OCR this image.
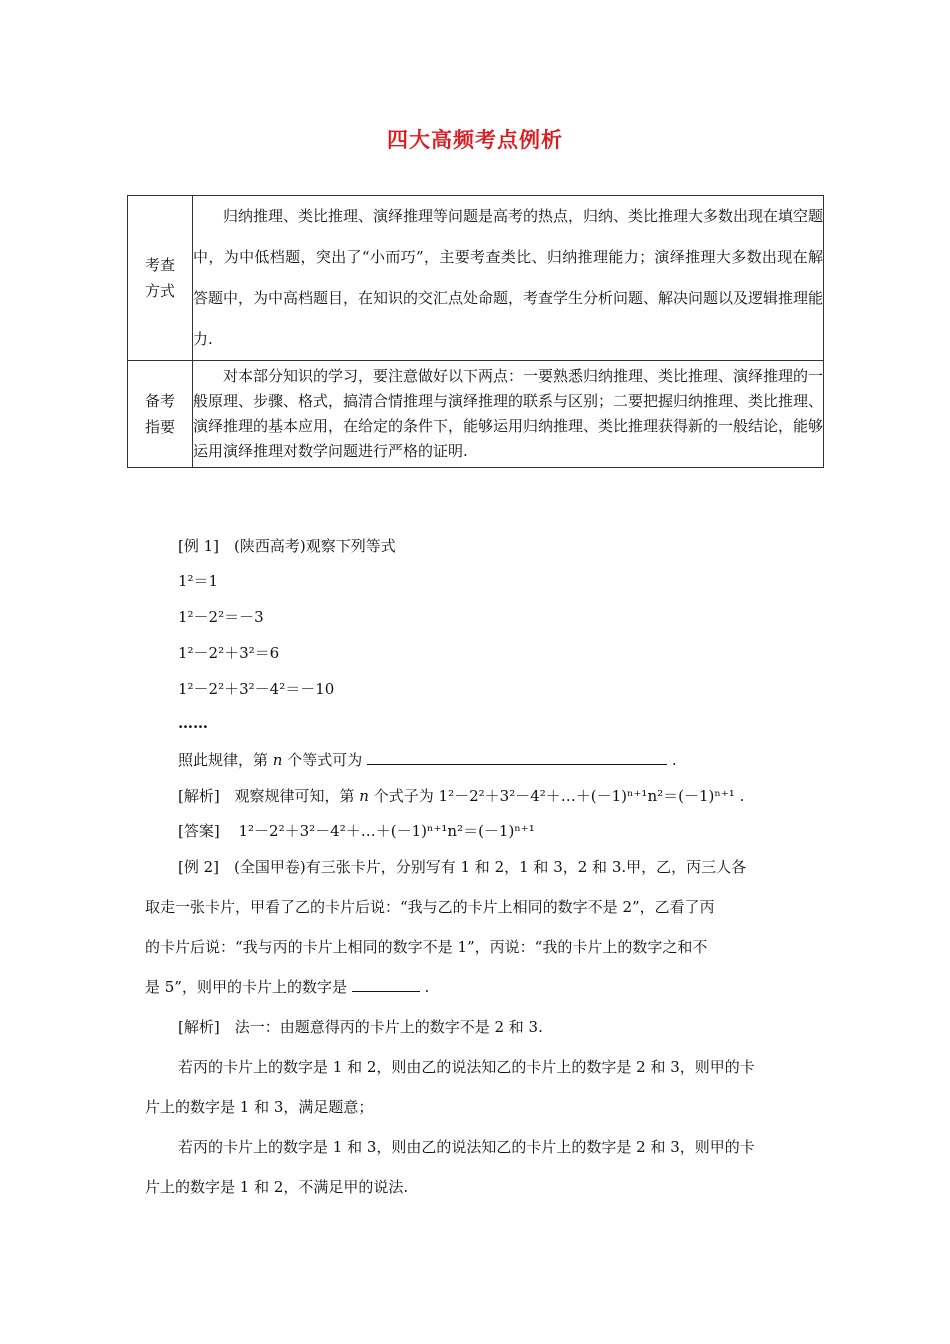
四大高频考点例析
考查
方式	归纳推理、类比推理、演绎推理等问题是高考的热点，归纳、类比推理大多数出现在填空题中，为中低档题，突出了“小而巧”，主要考查类比、归纳推理能力；演绎推理大多数出现在解答题中，为中高档题目，在知识的交汇点处命题，考查学生分析问题、解决问题以及逻辑推理能力.

备考
指要	对本部分知识的学习，要注意做好以下两点：一要熟悉归纳推理、类比推理、演绎推理的一般原理、步骤、格式，搞清合情推理与演绎推理的联系与区别；二要把握归纳推理、类比推理、演绎推理的基本应用，在给定的条件下，能够运用归纳推理、类比推理获得新的一般结论，能够运用演绎推理对数学问题进行严格的证明.
[例 1]　(陕西高考)观察下列等式
1²＝1
1²－2²＝－3
1²－2²＋3²＝6
1²－2²＋3²－4²＝－10
……
照此规律，第 n 个等式可为	.
[解析] 观察规律可知，第 n 个式子为 1²－2²＋3²－4²＋…＋(－1)ⁿ⁺¹n²＝(－1)ⁿ⁺¹ .
[答案] 1²－2²＋3²－4²＋…＋(－1)ⁿ⁺¹n²＝(－1)ⁿ⁺¹
[例 2]　(全国甲卷)有三张卡片，分别写有 1 和 2，1 和 3，2 和 3.甲，乙，丙三人各
取走一张卡片，甲看了乙的卡片后说：“我与乙的卡片上相同的数字不是 2”，乙看了丙
的卡片后说：“我与丙的卡片上相同的数字不是 1”，丙说：“我的卡片上的数字之和不
是 5”，则甲的卡片上的数字是	.
[解析]　法一：由题意得丙的卡片上的数字不是 2 和 3.
若丙的卡片上的数字是 1 和 2，则由乙的说法知乙的卡片上的数字是 2 和 3，则甲的卡
片上的数字是 1 和 3，满足题意；
若丙的卡片上的数字是 1 和 3，则由乙的说法知乙的卡片上的数字是 2 和 3，则甲的卡
片上的数字是 1 和 2，不满足甲的说法.
